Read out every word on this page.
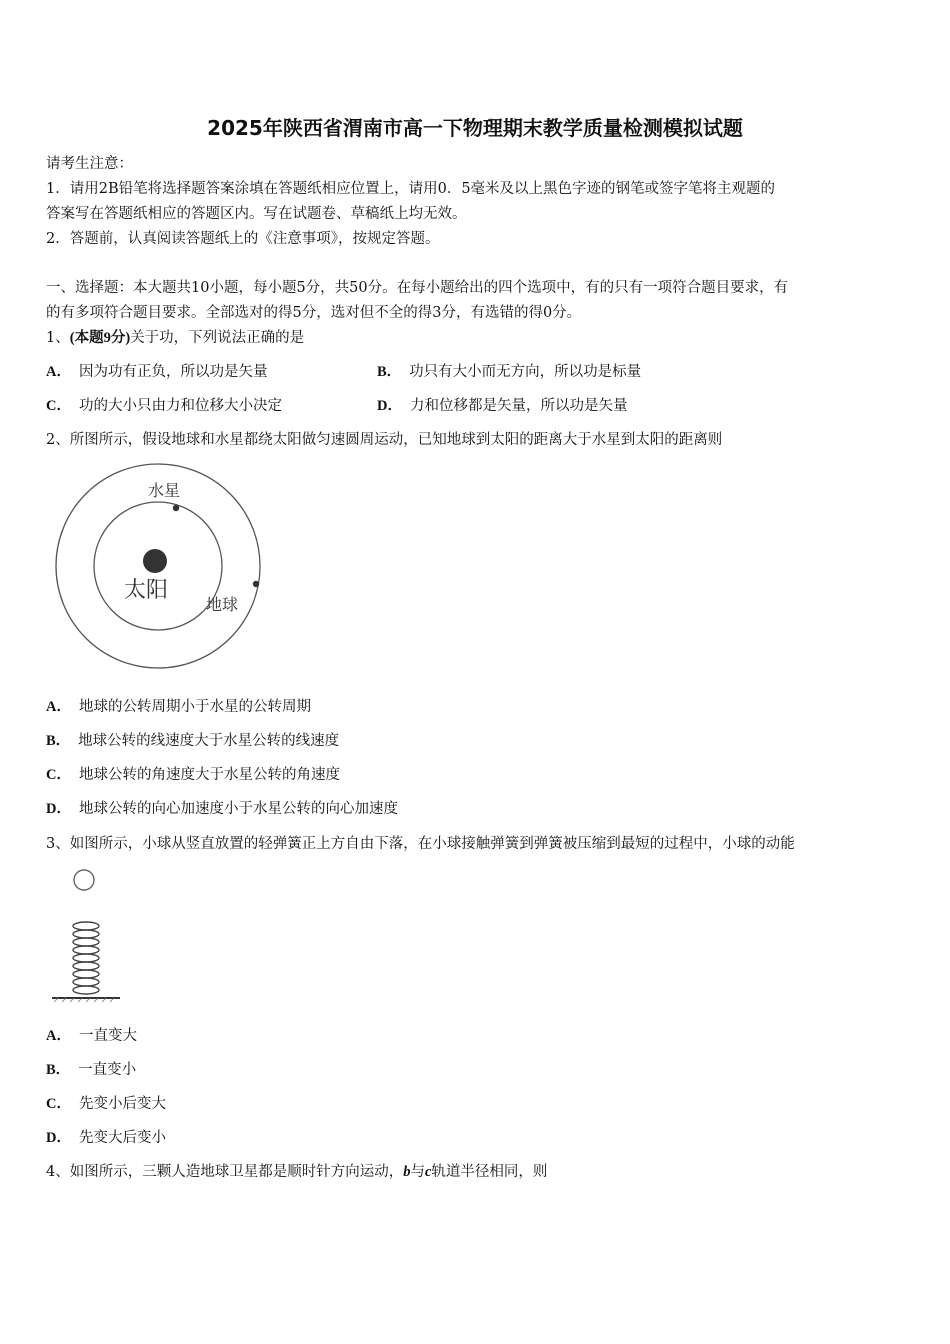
2025年陕西省渭南市高一下物理期末教学质量检测模拟试题
请考生注意：
1．请用2B铅笔将选择题答案涂填在答题纸相应位置上，请用0．5毫米及以上黑色字迹的钢笔或签字笔将主观题的
答案写在答题纸相应的答题区内。写在试题卷、草稿纸上均无效。
2．答题前，认真阅读答题纸上的《注意事项》，按规定答题。
一、选择题：本大题共10小题，每小题5分，共50分。在每小题给出的四个选项中，有的只有一项符合题目要求，有
的有多项符合题目要求。全部选对的得5分，选对但不全的得3分，有选错的得0分。
1、(本题9分)关于功，下列说法正确的是
A． 因为功有正负，所以功是矢量	B． 功只有大小而无方向，所以功是标量
C． 功的大小只由力和位移大小决定	D． 力和位移都是矢量，所以功是矢量
2、所图所示，假设地球和水星都绕太阳做匀速圆周运动，已知地球到太阳的距离大于水星到太阳的距离则
水星
太阳
地球
A． 地球的公转周期小于水星的公转周期
B． 地球公转的线速度大于水星公转的线速度
C． 地球公转的角速度大于水星公转的角速度
D． 地球公转的向心加速度小于水星公转的向心加速度
3、如图所示，小球从竖直放置的轻弹簧正上方自由下落，在小球接触弹簧到弹簧被压缩到最短的过程中，小球的动能
A． 一直变大
B． 一直变小
C． 先变小后变大
D． 先变大后变小
4、如图所示，三颗人造地球卫星都是顺时针方向运动，b与c轨道半径相同，则
